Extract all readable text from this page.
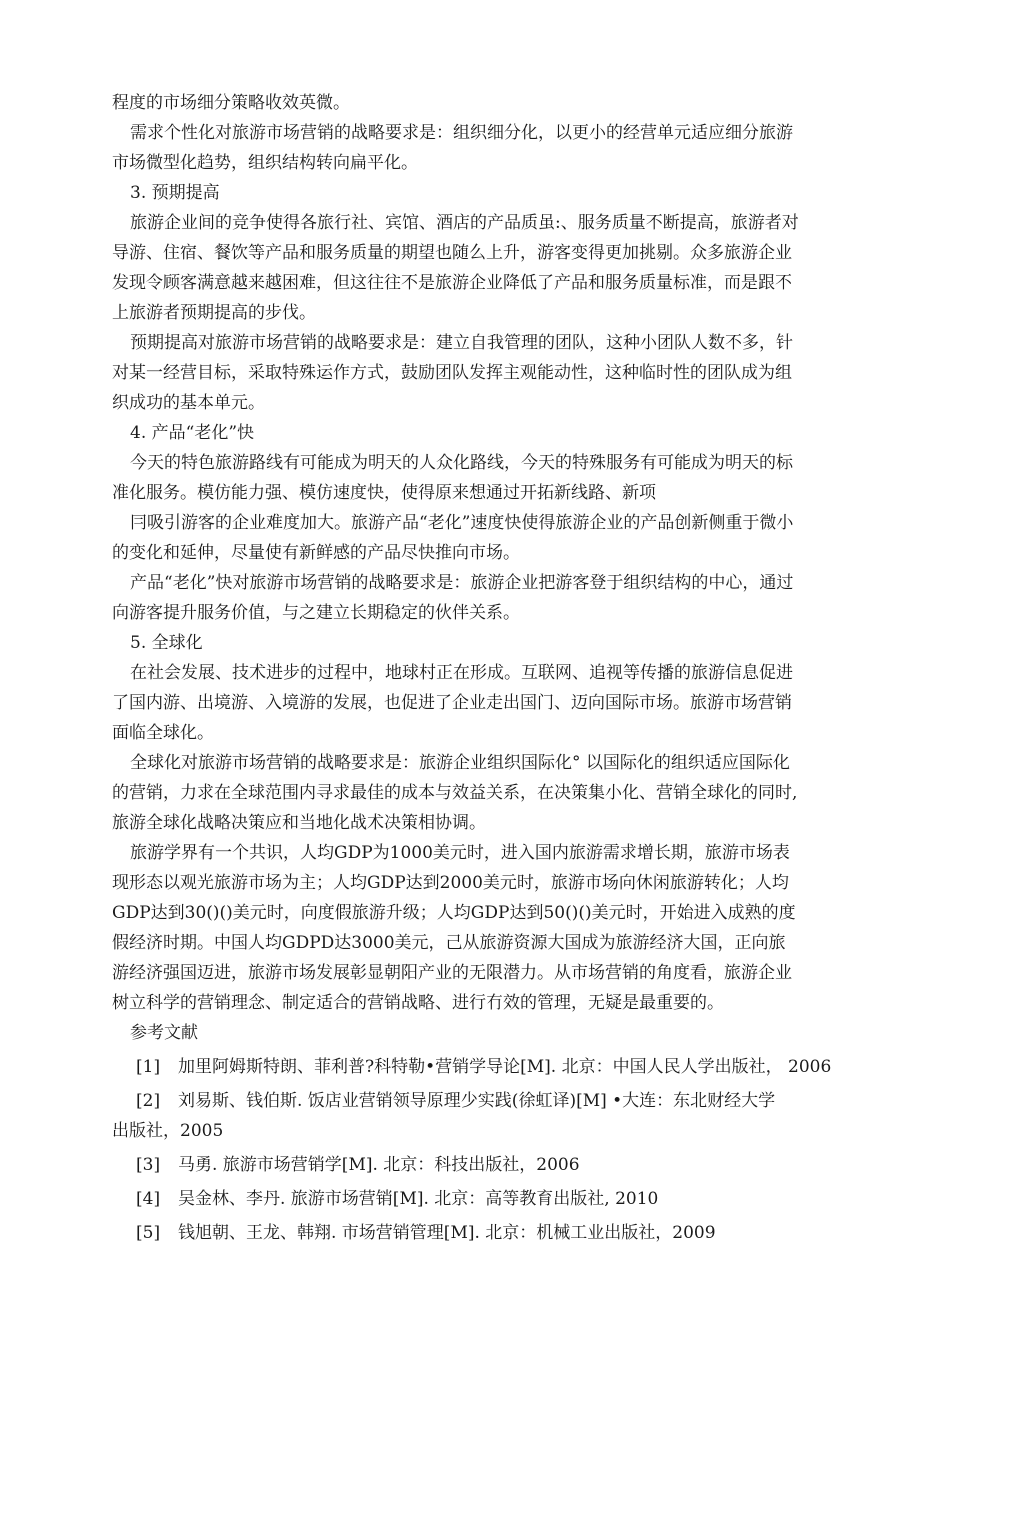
程度的市场细分策略收效英微。
需求个性化对旅游市场营销的战略要求是：组织细分化，以更小的经营单元适应细分旅游
市场微型化趋势，组织结构转向扁平化。
3. 预期提高
旅游企业间的竞争使得各旅行社、宾馆、酒店的产品质虽:、服务质量不断提高，旅游者对
导游、住宿、餐饮等产品和服务质量的期望也随么上升，游客变得更加挑剔。众多旅游企业
发现令顾客满意越来越困难，但这往往不是旅游企业降低了产品和服务质量标准，而是跟不
上旅游者预期提高的步伐。
预期提高对旅游市场营销的战略要求是：建立自我管理的团队，这种小团队人数不多，针
对某一经营目标，采取特殊运作方式，鼓励团队发挥主观能动性，这种临时性的团队成为组
织成功的基本单元。
4. 产品“老化”快
今天的特色旅游路线有可能成为明天的人众化路线，今天的特殊服务有可能成为明天的标
准化服务。模仿能力强、模仿速度快，使得原来想通过开拓新线路、新项
冃吸引游客的企业难度加大。旅游产品“老化”速度快使得旅游企业的产品创新侧重于微小
的变化和延伸，尽量使有新鲜感的产品尽快推向市场。
产品“老化”快对旅游市场营销的战略要求是：旅游企业把游客登于组织结构的中心，通过
向游客提升服务价值，与之建立长期稳定的伙伴关系。
5. 全球化
在社会发展、技术进步的过程中，地球村正在形成。互联网、追视等传播的旅游信息促进
了国内游、出境游、入境游的发展，也促进了企业走出国门、迈向国际市场。旅游市场营销
面临全球化。
全球化对旅游市场营销的战略要求是：旅游企业组织国际化° 以国际化的组织适应国际化
的营销，力求在全球范围内寻求最佳的成本与效益关系，在决策集小化、营销全球化的同时,
旅游全球化战略决策应和当地化战术决策相协调。
旅游学界有一个共识，人均GDP为1000美元时，进入国内旅游需求增长期，旅游市场表
现形态以观光旅游市场为主；人均GDP达到2000美元时，旅游市场向休闲旅游转化；人均
GDP达到30()()美元时，向度假旅游升级；人均GDP达到50()()美元时，开始进入成熟的度
假经济时期。中国人均GDPD达3000美元，己从旅游资源大国成为旅游经济大国，正向旅
游经济强国迈进，旅游市场发展彰显朝阳产业的无限潜力。从市场营销的角度看，旅游企业
树立科学的营销理念、制定适合的营销战略、进行冇效的管理，无疑是最重要的。
参考文献
[1] 加里阿姆斯特朗、菲利普?科特勒•营销学导论[M]. 北京：中国人民人学出版社， 2006
[2] 刘易斯、钱伯斯. 饭店业营销领导原理少实践(徐虹译)[M] •大连：东北财经大学
出版社，2005
[3] 马勇. 旅游市场营销学[M]. 北京：科技出版社，2006
[4] 吴金林、李丹. 旅游市场营销[M]. 北京：高等教育出版社, 2010
[5] 钱旭朝、王龙、韩翔. 市场营销管理[M]. 北京：机械工业出版社，2009
